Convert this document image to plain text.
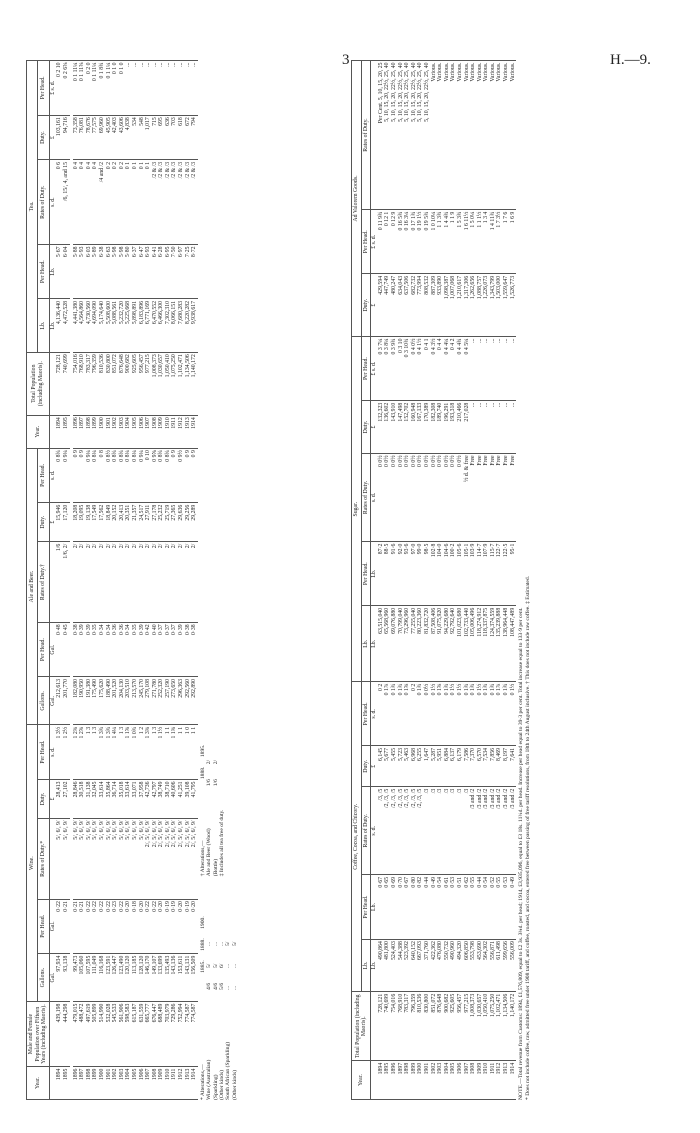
3	H.—9.
Year.	Male and Female Population over Fifteen Years (including Maoris).	Wine.					Ale and Beer.					Year.	Total Population (including Maoris).	Tea.				
		Gallons.	Per Head.	Rates of Duty.*	Duty.	Per Head.	Gallons.	Per Head.	Rates of Duty.†	Duty.	Per Head.			Lb.	Per Head.	Rates of Duty.	Duty.	Per Head.
		Gal.	Gal.		£	s. d.	Gal.	Gal.		£	s. d.			Lb.	Lb.	s. d.	£	£ s. d.
1894	439,198	97,934	0·22	5/, 6/, 9/	28,413	1 3½	212,613	0·48	1/6	15,946	0 8¾	1894	728,121	4,136,440	5·67	0 6	103,161	0 2 10
1895	444,298	93,138	0·21	5/, 6/, 9/	27,102	1 2½	201,770	0·45	1/6, 2/	17,120	0 9¼	1895	740,699	4,472,528	6·04	/6, 15/, 4, and 15	94,716	0 2 6⅝

1896	479,015	99,473	0·21	5/, 6/, 9/	28,846	1 2⅜	182,080	0·38	2/	18,208	0 9	1896	754,016	4,441,380	5·88	0 4	73,358	0 1 11¼
1897	488,472	105,060	0·21	5/, 6/, 9/	30,518	1 2⅝	190,950	0·39	2/	19,095	0 9	1897	768,910	4,564,860	5·93	0 4	76,081	0 1 11⅝
1898	497,619	107,595	0·22	5/, 6/, 9/	31,138	1 3	191,380	0·39	2/	19,138	0 9¼	1898	783,317	4,730,560	6·03	0 4	78,676	0 2 0
1899	505,899	111,049	0·22	5/, 6/, 9/	32,045	1 3	175,490	0·35	2/	17,549	0 8¼	1899	796,359	4,694,090	5·89	0 4	77,575	0 1 11¼
1900	514,990	116,168	0·22	5/, 6/, 9/	33,614	1 3¾	175,620	0·34	2/	17,562	0 8	1900	810,536	5,174,640	6·38	/4 and /2	69,960	0 1 8¾
1901	532,028	123,591	0·22	5/, 6/, 9/	35,864	1 3¾	188,490	0·34	2/	18,849	0 8½	1901	830,800	5,508,600	6·63	0 2	45,905	0 1 1¼
1902	545,533	126,447	0·23	5/, 6/, 9/	36,714	1 4¼	201,520	0·36	2/	20,152	0 8¾	1902	851,072	5,088,561	5·98	0 2	42,403	0 1 0
1903	561,906	123,490	0·22	5/, 6/, 9/	35,018	1 3	204,130	0·36	2/	20,413	0 8¾	1903	876,648	5,232,720	5·98	0 2	43,606	0 1 0
1904	598,583	120,120	0·20	5/, 6/, 9/	33,614	1 1⅝	203,510	0·34	2/	20,351	0 8¼	1904	900,682	5,225,668	5·80	0 1	4,838	...
1905	615,187	113,185	0·18	5/, 6/, 9/	33,071	1 0¾	213,570	0·35	2/	21,357	0 8¼	1905	925,605	5,898,891	6·37	0 1	534	...
1906	631,559	128,120	0·20	5/, 6/, 9/	37,958	1 2	245,170	0·39	2/	24,517	0 9¼	1906	956,457	6,183,896	6·47	0 1	548	...
1907	665,777	146,170	0·22	2/, 5/, 6/, 9/	42,736	1 3⅜	279,108	0·42	2/	27,911	0 10	1907	977,215	6,771,169	6·93	0 1	1,017	...
1908	676,447	149,107	0·22	2/, 5/, 6/, 9/	42,797	1 3	271,780	0·40	2/	27,178	0 9⅝	1908	1,008,373	6,470,552	6·41	/2 & /3	715	...
1909	688,489	133,699	0·20	2/, 5/, 6/, 9/	38,749	1 1½	252,320	0·37	2/	25,232	0 8¾	1909	1,030,657	6,466,300	6·28	/2 & /3	695	...
1910	703,979	135,493	0·19	2/, 5/, 6/, 9/	38,710	1 1	257,190	0·37	2/	25,719	0 8¾	1910	1,050,410	7,302,310	6·95	/2 & /3	636	...
1911	729,286	143,136	0·19	2/, 5/, 6/, 9/	40,606	1 1⅜	273,650	0·37	2/	27,365	0 9	1911	1,075,250	8,066,151	7·50	/2 & /3	703	...
1912	752,994	153,611	0·20	2/, 5/, 6/, 9/	41,251	1 1	296,363	0·39	2/	29,636	0 9½	1912	1,102,471	7,680,283	6·97	/2 & /3	618	...
1913	774,587	143,131	0·19	2/, 5/, 6/, 9/	39,108	1 0	292,560	0·38	2/	29,256	0 9	1913	1,134,506	8,220,282	7·25	/2 & /3	672	...
1914	774,587	156,509	0·20	2/, 5/, 6/, 9/	41,795	1 1	292,890	0·38	2/	29,289	0 9	1914	1,140,172	9,938,617	8·72	/2 & /3	794	...
* Alterations,— 1885. 1888. 1900.
Wine (Australian)4/65/...
(Sparkling)4/65/...
(Other kinds)5/66/...
South African (Sparkling)......5/
(Other kinds)......5/
† Alterations,— 1888. 1895.
Ale and Beer (Wood)1/62/
(Bottle)1/62/
‡ Includes all tea free of duty.
Year.	Total Population (including Maoris).	Coffee, Cocoa, and Chicory.					Sugar.					Ad Valorem Goods.		
		Lb.	Per Head.	Rates of Duty.	Duty.	Per Head.	Lb.	Per Head.	Rates of Duty.	Duty.	Per Head.	Duty.	Per Head.	Rates of Duty.
		Lb.	Lb.	s. d.	£	s. d.	Lb.	Lb.	s. d.	£	£ s. d.	£	£ s. d.	
1894	728,121	490,864	0·67	/3, /5	6,145	0 2	63,515,040	87·2	0 0½	132,323	0 3 7¼	429,594	0 11 9¾	Per Cent. 5, 10, 15, 20, 25
1895	740,699	481,800	0·65	/2, /3, /5	5,677	0 1⅞	65,568,960	88·5	0 0½	136,602	0 3 8¼	447,749	0 12 1	5, 10, 15, 20, 22½, 25, 40
1896	754,016	524,403	0·69	/2, /3, /5	5,455	0 1¾	69,076,880	91·6	0 0½	143,910	0 3 9¾	480,247	0 12 9	5, 10, 15, 20, 22½, 25, 40
1897	768,910	544,388	0·70	/2, /3, /5	5,723	0 1¾	70,799,040	92·0	0 0½	147,498	0 3 10	634,043	0 16 5¾	5, 10, 15, 20, 22½, 25, 40
1898	783,317	523,392	0·67	/2, /3, /5	5,463	0 1⅝	73,296,960	93·6	0 0½	152,702	0 3 10¾	637,506	0 16 3¼	5, 10, 15, 20, 22½, 25, 40
1899	796,359	640,152	0·80	/2, /3, /5	6,968	0 2	77,255,040	97·0	0 0½	160,948	0 4 0½	682,732	0 17 1¾	5, 10, 15, 20, 22½, 25, 40
1900	810,536	667,093	0·82	/2, /3, /5	6,255	0 1¾	80,223,360	99·0	0 0½	167,133	0 4 1½	773,994	0 19 1½	5, 10, 15, 20, 22½, 25, 40
1901	830,800	371,760	0·44	/3	1,647	0 0½	81,832,720	98·5	0 0½	170,389	0 4 1	808,532	0 19 5¾	5, 10, 15, 20, 22½, 25, 40
1902	851,072	422,362	0·49	/3	5,287	0 1½	87,508,406	102·8	0 0½	182,308	0 4 3½	887,309	1 0 10¼	Various.
1903	876,648	476,080	0·54	/3	5,951	0 1⅝	91,075,920	104·0	0 0½	189,740	0 4 4	933,890	1 1 3¾	Various.
1904	900,682	550,732	0·61	/3	6,884	0 1¾	94,229,680	104·6	0 0½	196,291	0 4 4¼	1,098,387	1 4 4¾	Various.
1905	925,605	490,960	0·53	/3	6,137	0 1½	92,792,640	100·2	0 0½	193,318	0 4 2	1,007,068	1 1 9	Various.
1906	956,457	494,320	0·51	/3	6,179	0 1½	101,023,680	105·6	0 0½	210,466	0 4 4¾	1,210,617	1 5 3¾	Various.
1907	977,215	606,850	0·62	/3	7,586	0 1¾	102,733,440	105·1	½ d. & free	217,028	0 4 5¼	1,317,306	1 6 11½	Various.
1908	1,008,373	553,798	0·55	/3 and /2	7,370	0 1¾	105,006,496	103·9	Free	...	...	1,262,656	1 5 0¼	Various.
1909	1,030,657	453,690	0·44	/3 and /2	6,570	0 1½	118,274,912	114·7	Free	...	...	1,088,757	1 1 1½	Various.
1910	1,050,410	564,302	0·54	/3 and /2	7,534	0 1¾	118,337,875	107·9	Free	...	...	1,226,073	1 3 4	Various.
1911	1,075,250	556,871	0·52	/3 and /2	7,856	0 1¾	124,374,559	115·7	Free	...	...	1,343,799	1 4 11¾	Various.
1912	1,102,471	611,498	0·55	/3 and /2	8,469	0 1⅞	135,239,888	122·7	Free	...	...	1,503,000	1 7 3½	Various.
1913	1,134,506	599,656	0·53	/3 and /2	8,197	0 1¾	138,964,448	122·5	Free	...	...	1,559,647	1 7 6	Various.
1914	1,140,172	556,009	0·49	/3 and /2	7,641	0 1½	108,447,489	95·1	Free	...	...	1,526,773	1 6 9	Various.
NOTE.—Total revenue from Customs: 1894, £1,576,809, equal to £2 3s. 3¾d. per head; 1914, £3,935,096, equal to £3 18s. 11¼d. per head. Increase per head equal to 39·3 per cent. Total increase equal to 133·9 per cent. * Does not include coffee, raw, admitted free under 1908 tariff, and coffee, roasted, and cocoa, entered free between passing of free tariff resolutions, from 18th to 24th August inclusive. † This does not include raw coffee. ‡ Estimated.
